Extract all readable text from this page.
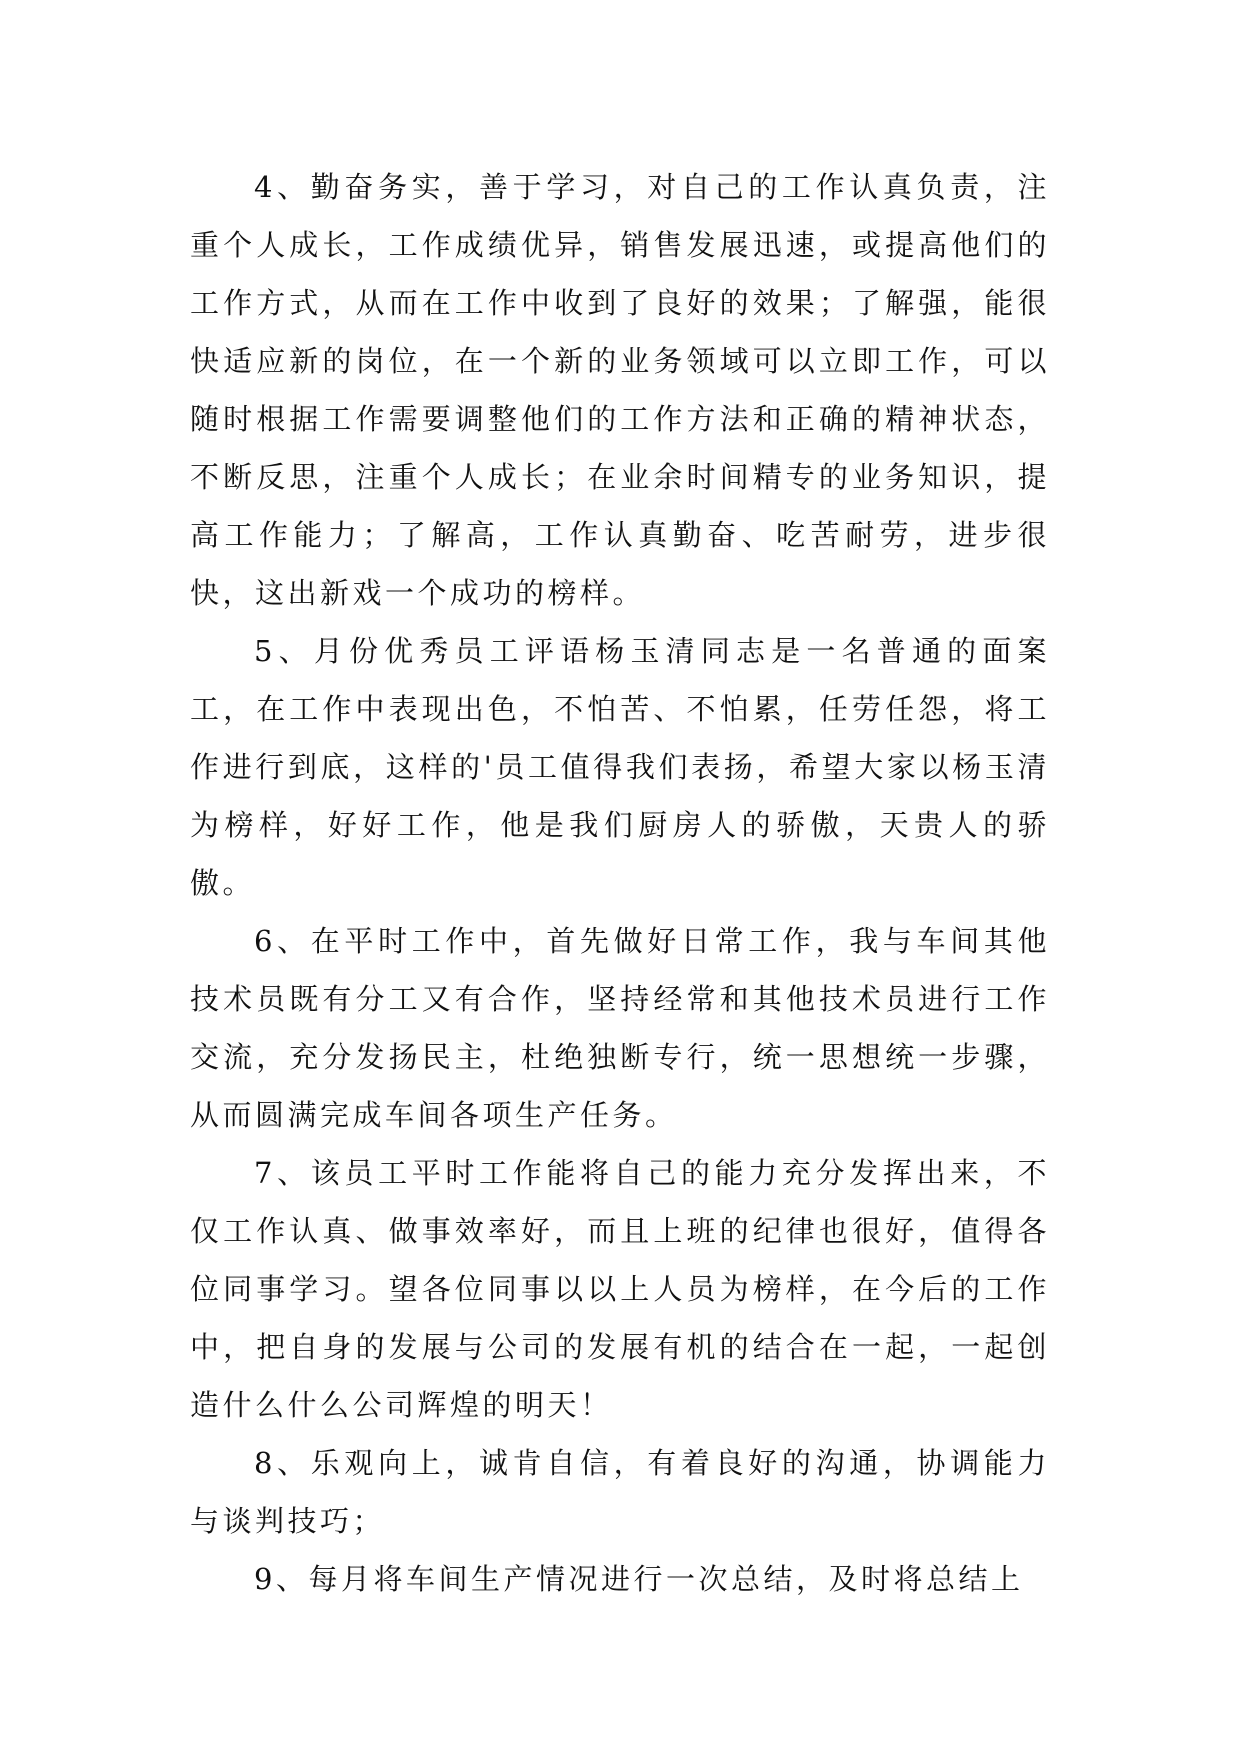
4、勤奋务实，善于学习，对自己的工作认真负责，注重个人成长，工作成绩优异，销售发展迅速，或提高他们的工作方式，从而在工作中收到了良好的效果；了解强，能很快适应新的岗位，在一个新的业务领域可以立即工作，可以随时根据工作需要调整他们的工作方法和正确的精神状态，不断反思，注重个人成长；在业余时间精专的业务知识，提高工作能力；了解高，工作认真勤奋、吃苦耐劳，进步很快，这出新戏一个成功的榜样。

5、月份优秀员工评语杨玉清同志是一名普通的面案工，在工作中表现出色，不怕苦、不怕累，任劳任怨，将工作进行到底，这样的'员工值得我们表扬，希望大家以杨玉清为榜样，好好工作，他是我们厨房人的骄傲，天贵人的骄傲。

6、在平时工作中，首先做好日常工作，我与车间其他技术员既有分工又有合作，坚持经常和其他技术员进行工作交流，充分发扬民主，杜绝独断专行，统一思想统一步骤，从而圆满完成车间各项生产任务。

7、该员工平时工作能将自己的能力充分发挥出来，不仅工作认真、做事效率好，而且上班的纪律也很好，值得各位同事学习。望各位同事以以上人员为榜样，在今后的工作中，把自身的发展与公司的发展有机的结合在一起，一起创造什么什么公司辉煌的明天！

8、乐观向上，诚肯自信，有着良好的沟通，协调能力与谈判技巧；

9、每月将车间生产情况进行一次总结，及时将总结上
